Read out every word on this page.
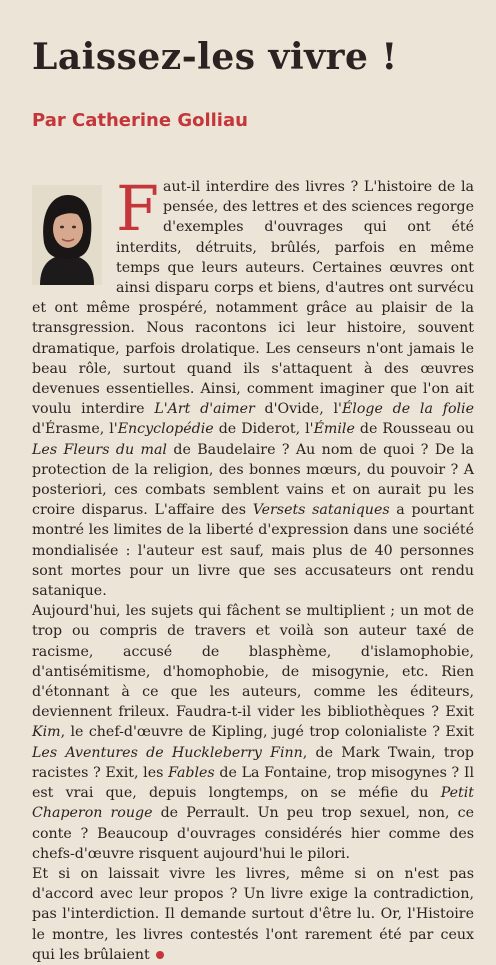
Laissez-les vivre !
Par Catherine Golliau
F aut-il interdire des livres ? L'histoire de la pensée, des lettres et des sciences regorge d'exemples d'ouvrages qui ont été interdits, détruits, brûlés, parfois en même temps que leurs auteurs. Certaines œuvres ont ainsi disparu corps et biens, d'autres ont survécu et ont même prospéré, notamment grâce au plaisir de la transgression. Nous racontons ici leur histoire, souvent dramatique, parfois drolatique. Les censeurs n'ont jamais le beau rôle, surtout quand ils s'attaquent à des œuvres devenues essentielles. Ainsi, comment imaginer que l'on ait voulu interdire L'Art d'aimer d'Ovide, l'Éloge de la folie d'Érasme, l'Encyclopédie de Diderot, l'Émile de Rousseau ou Les Fleurs du mal de Baudelaire ? Au nom de quoi ? De la protection de la religion, des bonnes mœurs, du pouvoir ? A posteriori, ces combats semblent vains et on aurait pu les croire disparus. L'affaire des Versets sataniques a pourtant montré les limites de la liberté d'expression dans une société mondialisée : l'auteur est sauf, mais plus de 40 personnes sont mortes pour un livre que ses accusateurs ont rendu satanique.

Aujourd'hui, les sujets qui fâchent se multiplient ; un mot de trop ou compris de travers et voilà son auteur taxé de racisme, accusé de blasphème, d'islamophobie, d'antisémitisme, d'homophobie, de misogynie, etc. Rien d'étonnant à ce que les auteurs, comme les éditeurs, deviennent frileux. Faudra-t-il vider les bibliothèques ? Exit Kim, le chef-d'œuvre de Kipling, jugé trop colonialiste ? Exit Les Aventures de Huckleberry Finn, de Mark Twain, trop racistes ? Exit, les Fables de La Fontaine, trop misogynes ? Il est vrai que, depuis longtemps, on se méfie du Petit Chaperon rouge de Perrault. Un peu trop sexuel, non, ce conte ? Beaucoup d'ouvrages considérés hier comme des chefs-d'œuvre risquent aujourd'hui le pilori.

Et si on laissait vivre les livres, même si on n'est pas d'accord avec leur propos ? Un livre exige la contradiction, pas l'interdiction. Il demande surtout d'être lu. Or, l'Histoire le montre, les livres contestés l'ont rarement été par ceux qui les brûlaient
